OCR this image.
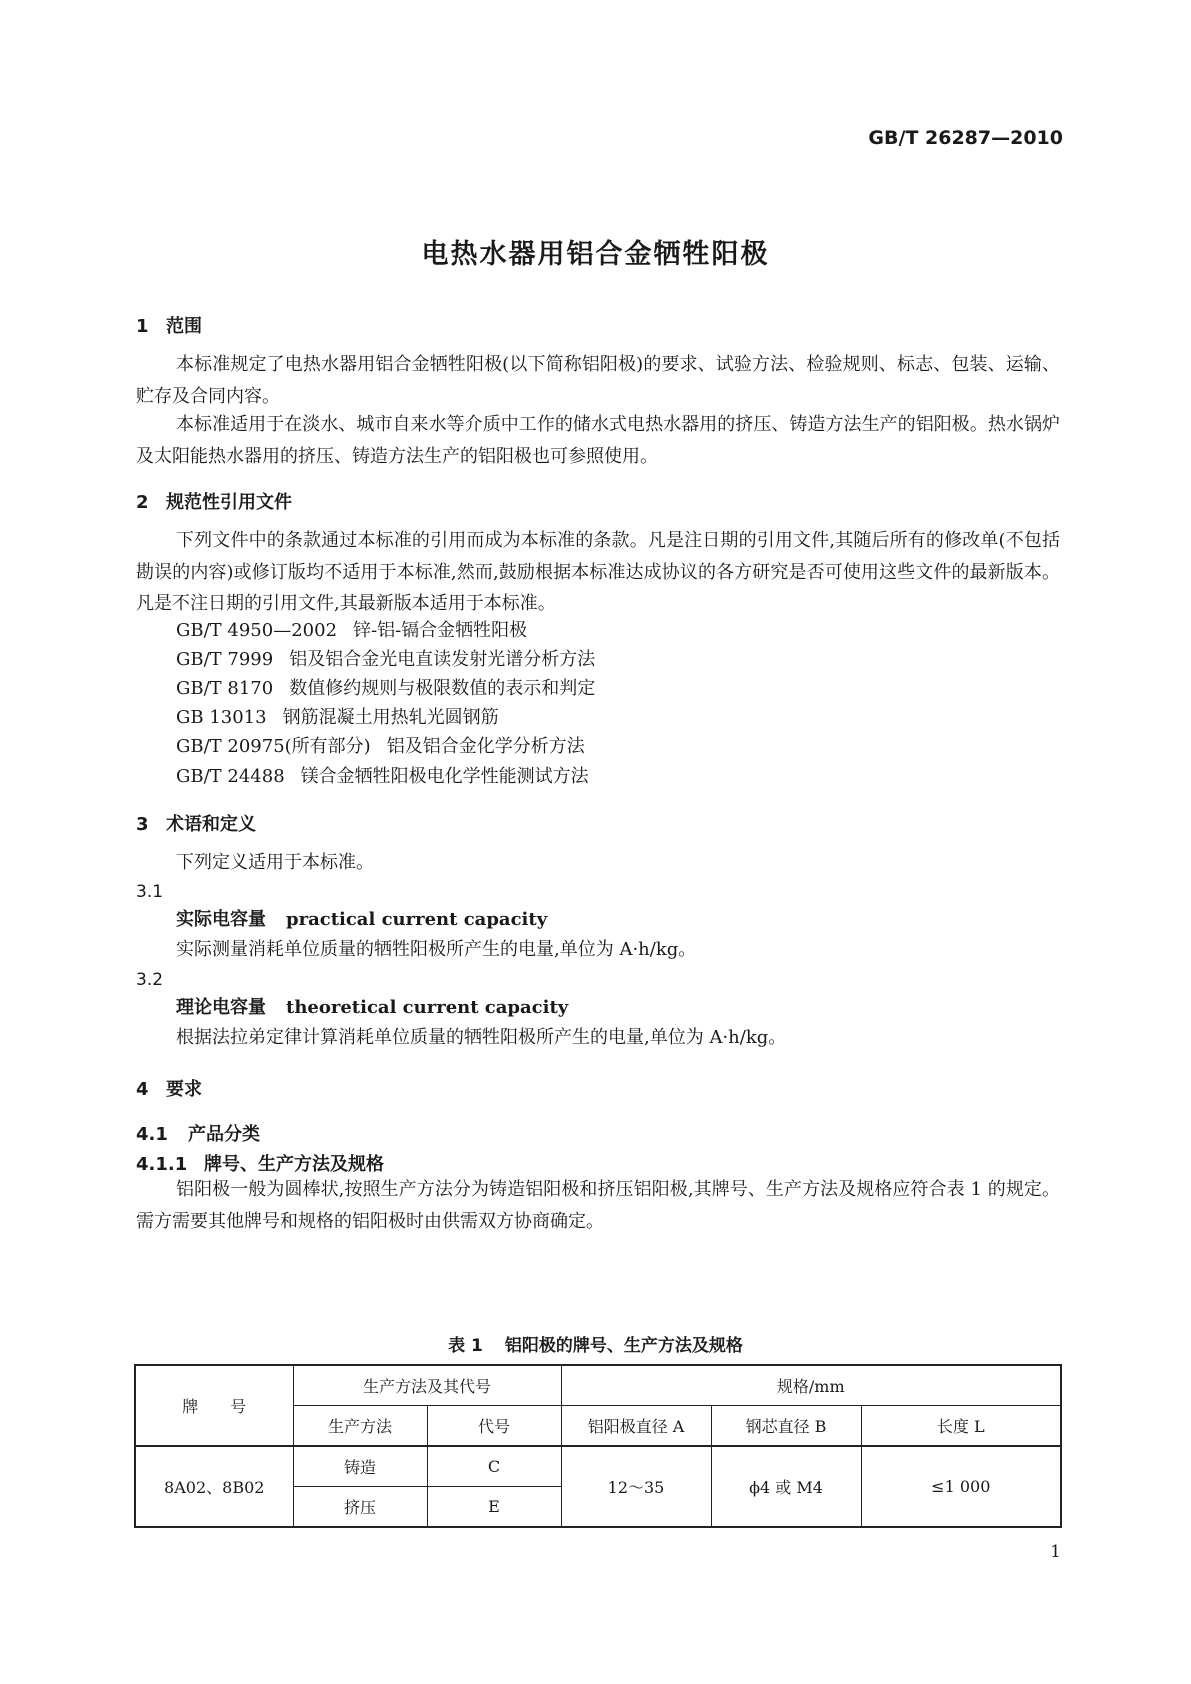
GB/T 26287—2010
电热水器用铝合金牺牲阳极
1 范围
本标准规定了电热水器用铝合金牺牲阳极(以下简称铝阳极)的要求、试验方法、检验规则、标志、包装、运输、贮存及合同内容。
本标准适用于在淡水、城市自来水等介质中工作的储水式电热水器用的挤压、铸造方法生产的铝阳极。热水锅炉及太阳能热水器用的挤压、铸造方法生产的铝阳极也可参照使用。
2 规范性引用文件
下列文件中的条款通过本标准的引用而成为本标准的条款。凡是注日期的引用文件,其随后所有的修改单(不包括勘误的内容)或修订版均不适用于本标准,然而,鼓励根据本标准达成协议的各方研究是否可使用这些文件的最新版本。凡是不注日期的引用文件,其最新版本适用于本标准。
GB/T 4950—2002 锌-铝-镉合金牺牲阳极
GB/T 7999 铝及铝合金光电直读发射光谱分析方法
GB/T 8170 数值修约规则与极限数值的表示和判定
GB 13013 钢筋混凝土用热轧光圆钢筋
GB/T 20975(所有部分) 铝及铝合金化学分析方法
GB/T 24488 镁合金牺牲阳极电化学性能测试方法
3 术语和定义
下列定义适用于本标准。
3.1
实际电容量 practical current capacity
实际测量消耗单位质量的牺牲阳极所产生的电量,单位为 A·h/kg。
3.2
理论电容量 theoretical current capacity
根据法拉弟定律计算消耗单位质量的牺牲阳极所产生的电量,单位为 A·h/kg。
4 要求
4.1 产品分类
4.1.1 牌号、生产方法及规格
铝阳极一般为圆棒状,按照生产方法分为铸造铝阳极和挤压铝阳极,其牌号、生产方法及规格应符合表 1 的规定。需方需要其他牌号和规格的铝阳极时由供需双方协商确定。
表 1 铝阳极的牌号、生产方法及规格
牌　　号	生产方法及其代号		规格/mm		
	生产方法	代号	铝阳极直径 A	钢芯直径 B	长度 L
8A02、8B02	铸造	C	12～35	ϕ4 或 M4	≤1 000
	挤压	E			
1
